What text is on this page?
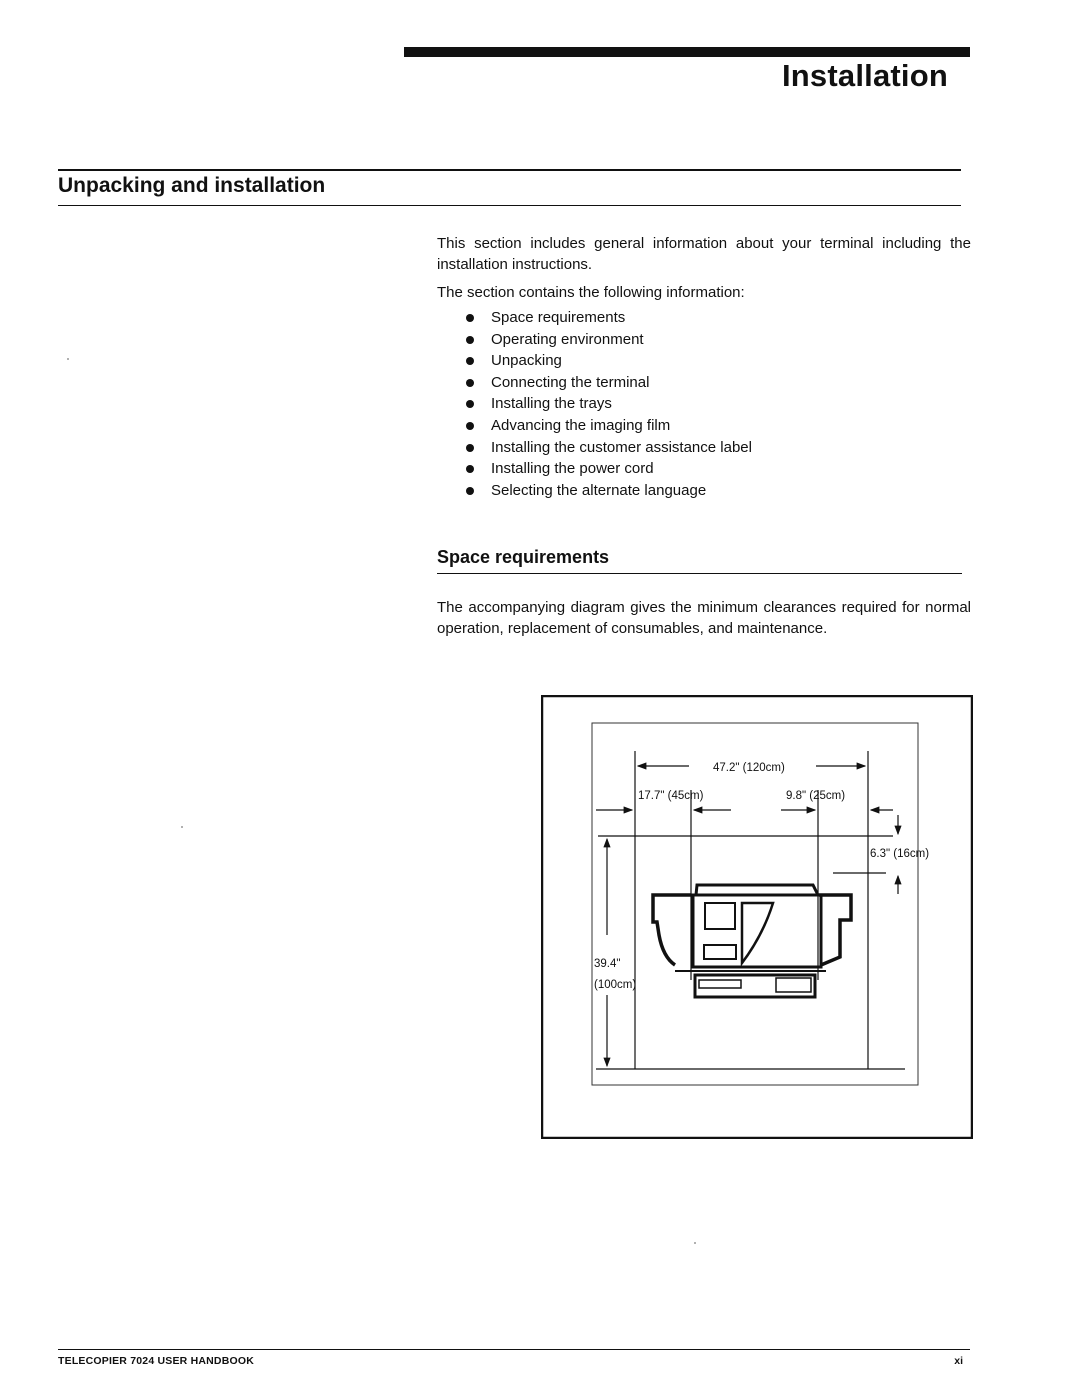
Installation
Unpacking and installation
This section includes general information about your terminal including the installation instructions.
The section contains the following information:
Space requirements
Operating environment
Unpacking
Connecting the terminal
Installing the trays
Advancing the imaging film
Installing the customer assistance label
Installing the power cord
Selecting the alternate language
Space requirements
The accompanying diagram gives the minimum clearances required for normal operation, replacement of consumables, and maintenance.
47.2" (120cm)
17.7" (45cm)	9.8" (25cm)
6.3" (16cm)
39.4"
(100cm)
TELECOPIER 7024 USER HANDBOOK	xi
